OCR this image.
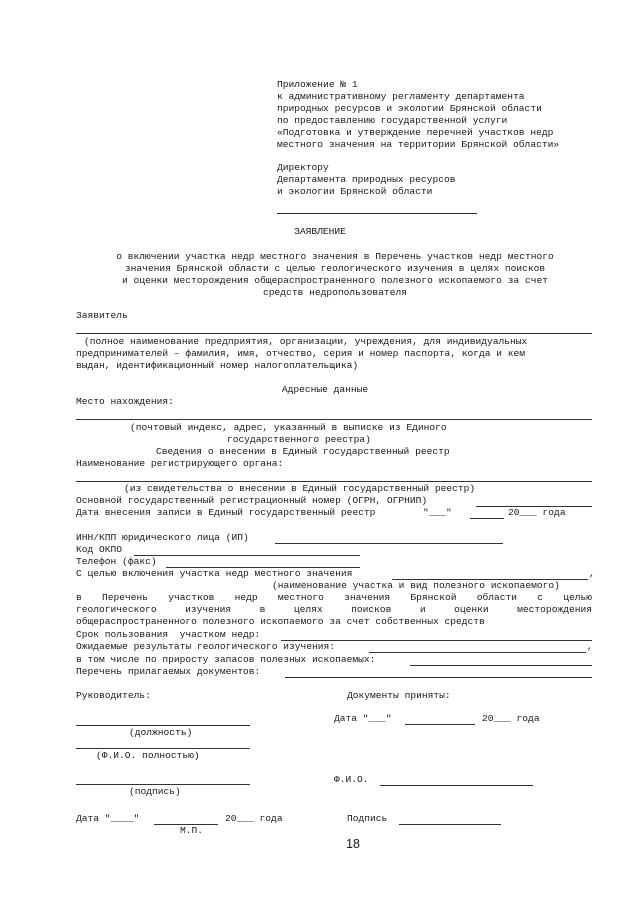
Приложение № 1
к административному регламенту департамента
природных ресурсов и экологии Брянской области
по предоставлению государственной услуги
«Подготовка и утверждение перечней участков недр
местного значения на территории Брянской области»
Директору
Департамента природных ресурсов
и экологии Брянской области
ЗАЯВЛЕНИЕ
о включении участка недр местного значения в Перечень участков недр местного
значения Брянской области с целью геологического изучения в целях поисков
и оценки месторождения общераспространенного полезного ископаемого за счет
средств недропользователя
Заявитель
(полное наименование предприятия, организации, учреждения, для индивидуальных
предпринимателей – фамилия, имя, отчество, серия и номер паспорта, когда и кем
выдан, идентификационный номер налогоплательщика)
Адресные данные
Место нахождения:
(почтовый индекс, адрес, указанный в выписке из Единого
государственного реестра)
Сведения о внесении в Единый государственный реестр
Наименование регистрирующего органа:
(из свидетельства о внесении в Единый государственный реестр)
Основной государственный регистрационный номер (ОГРН, ОГРНИП)
Дата внесения записи в Единый государственный реестр	"___"	20___ года
ИНН/КПП юридического лица (ИП)
Код ОКПО
Телефон (факс)
С целью включения участка недр местного значения	,
(наименование участка и вид полезного ископаемого)
в Перечень участков недр местного значения Брянской области с целью
геологического изучения в целях поисков и оценки месторождения
общераспространенного полезного ископаемого за счет собственных средств
Срок пользования  участком недр:
Ожидаемые результаты геологического изучения:	,
в том числе по приросту запасов полезных ископаемых:
Перечень прилагаемых документов:
Руководитель:
(должность)
(Ф.И.О. полностью)
(подпись)
Дата "____"	20___ года
М.П.
Документы приняты:
Дата "___"	20___ года
Ф.И.О.
Подпись
18
